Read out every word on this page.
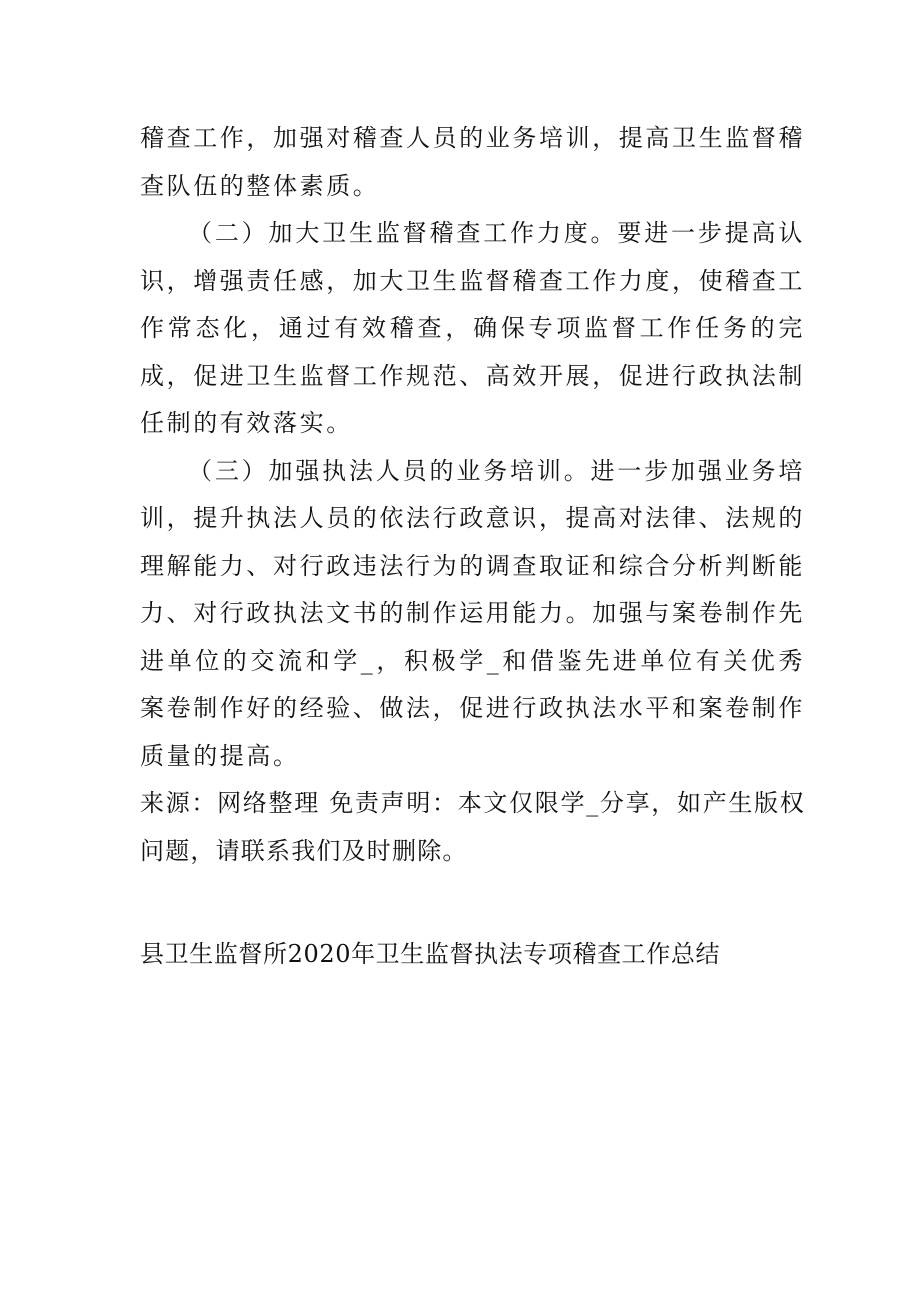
稽查工作，加强对稽查人员的业务培训，提高卫生监督稽查队伍的整体素质。

（二）加大卫生监督稽查工作力度。要进一步提高认识，增强责任感，加大卫生监督稽查工作力度，使稽查工作常态化，通过有效稽查，确保专项监督工作任务的完成，促进卫生监督工作规范、高效开展，促进行政执法制任制的有效落实。

（三）加强执法人员的业务培训。进一步加强业务培训，提升执法人员的依法行政意识，提高对法律、法规的理解能力、对行政违法行为的调查取证和综合分析判断能力、对行政执法文书的制作运用能力。加强与案卷制作先进单位的交流和学_，积极学_和借鉴先进单位有关优秀案卷制作好的经验、做法，促进行政执法水平和案卷制作质量的提高。

来源：网络整理 免责声明：本文仅限学_分享，如产生版权问题，请联系我们及时删除。

县卫生监督所2020年卫生监督执法专项稽查工作总结
